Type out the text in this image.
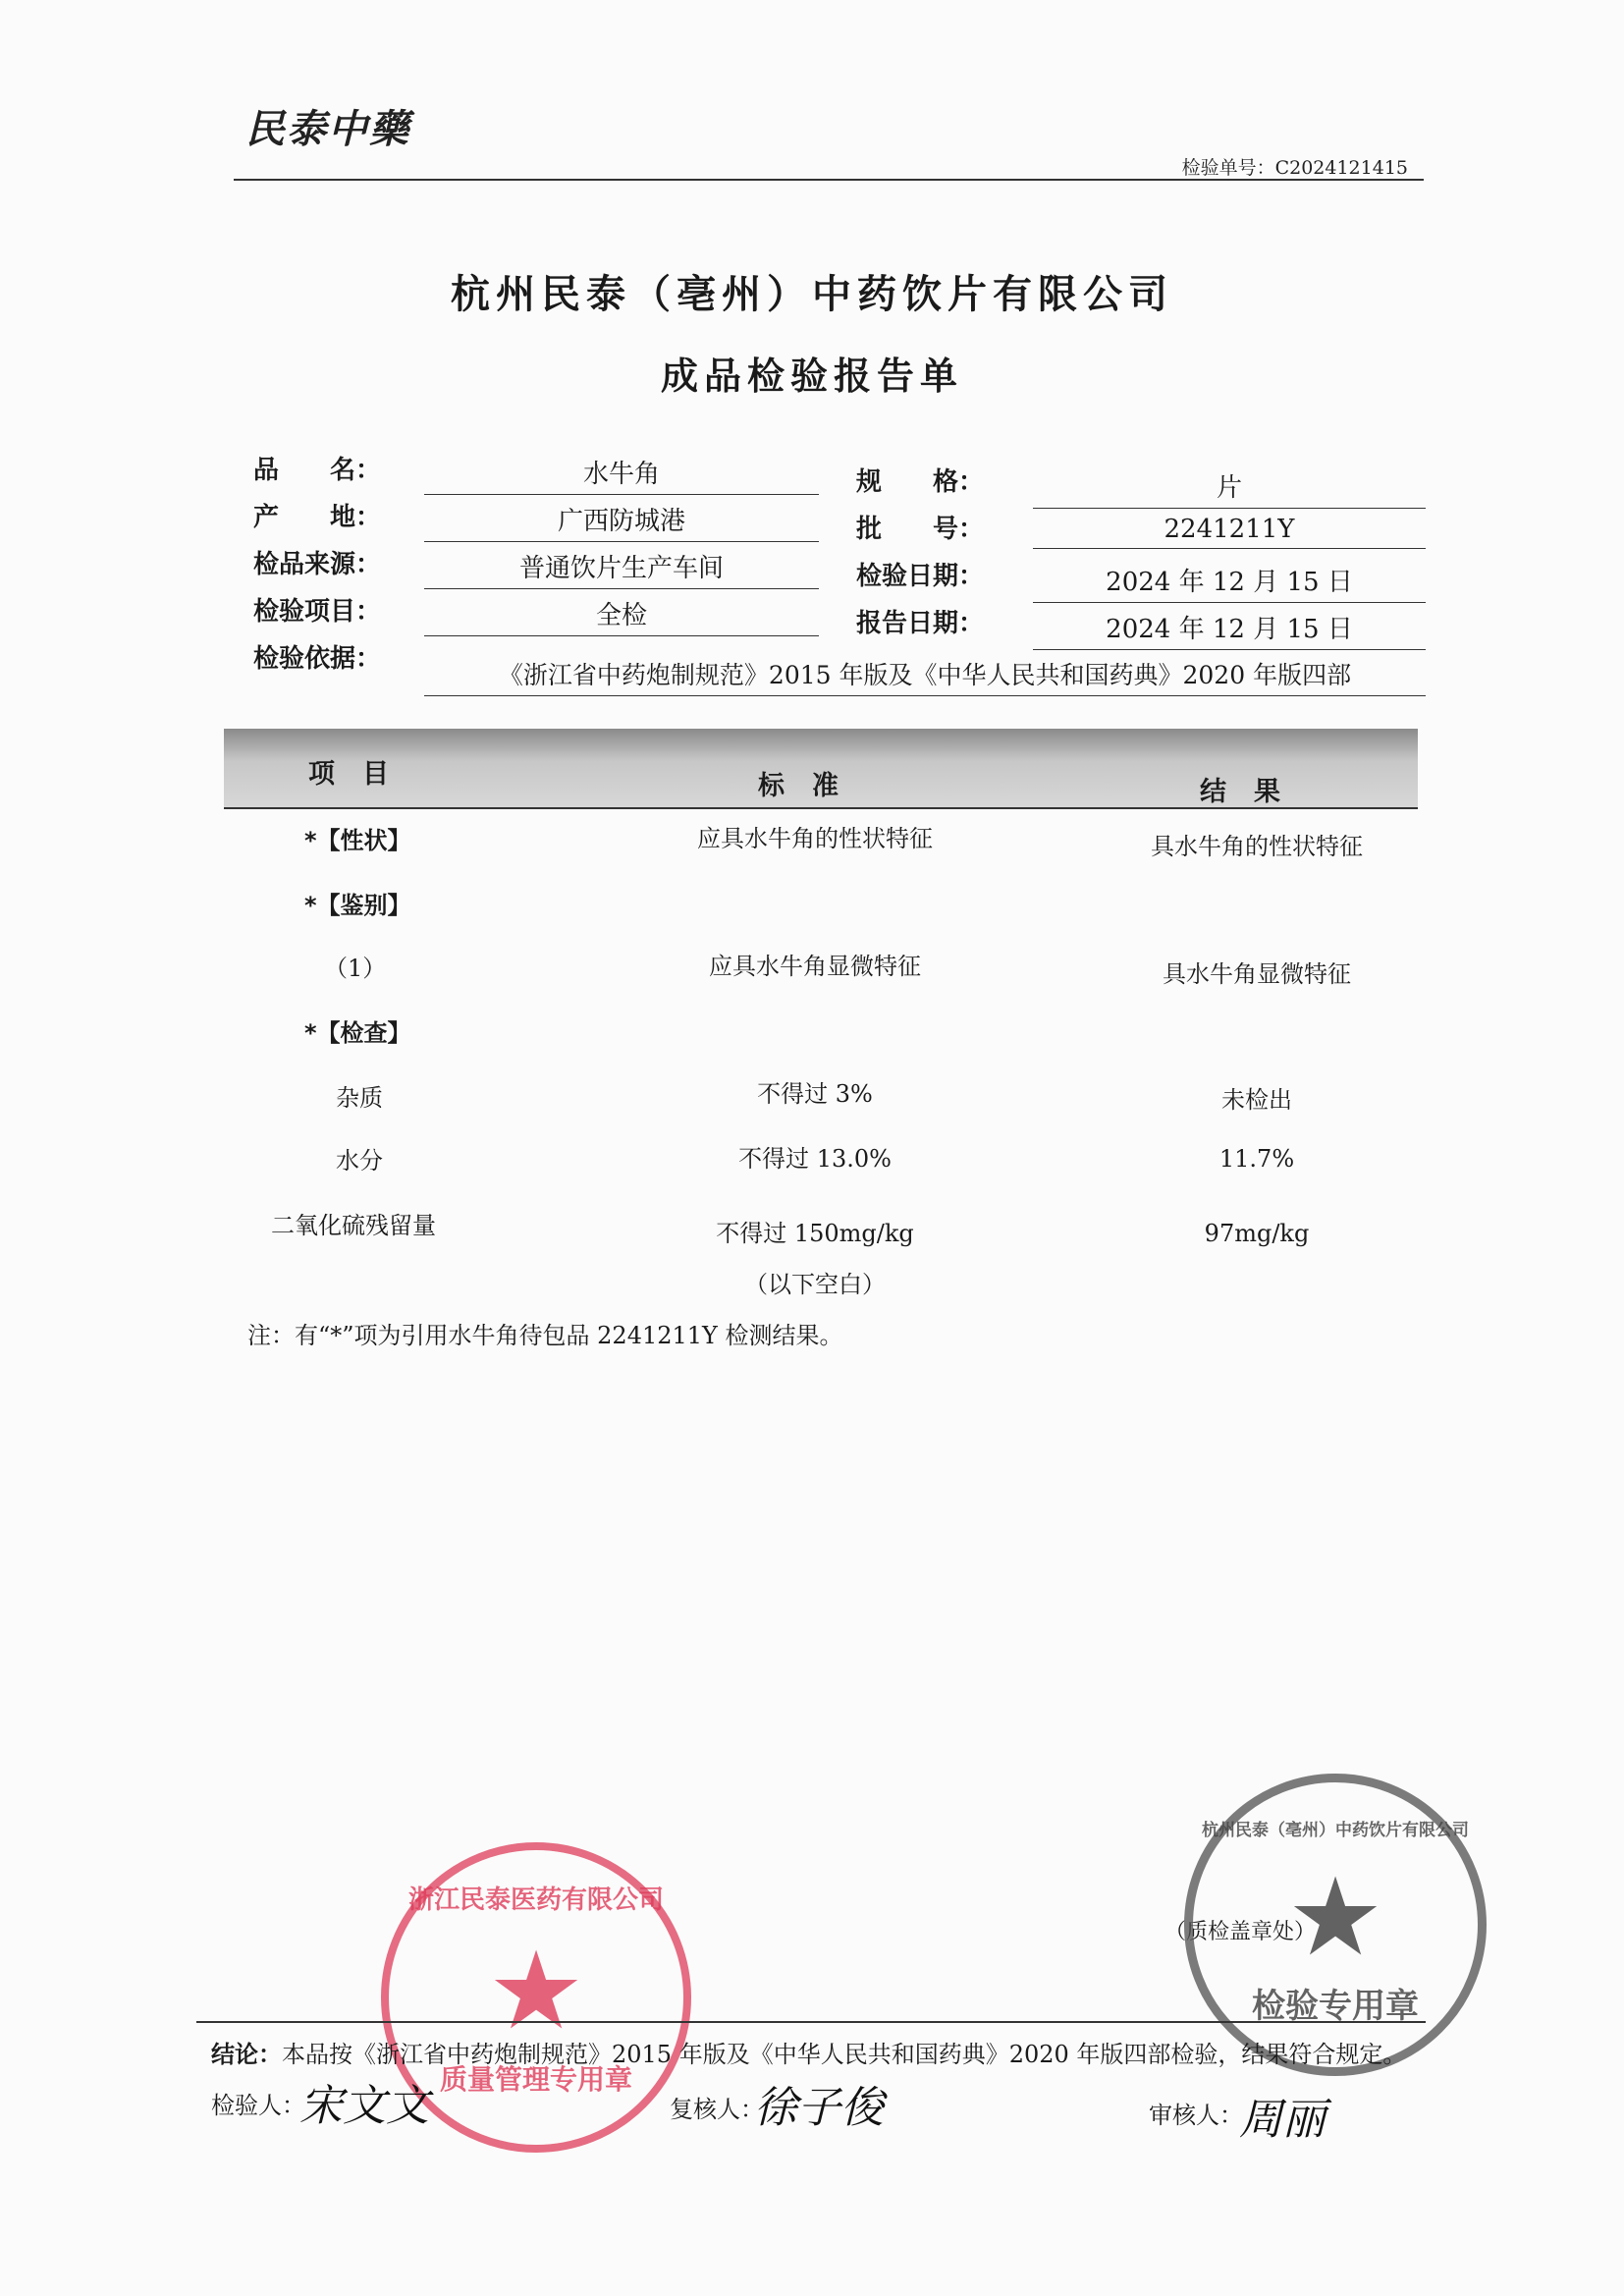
民泰中藥
检验单号：C2024121415
杭州民泰（亳州）中药饮片有限公司
成品检验报告单
品　　名：	水牛角	规　　格：	片
产　　地：	广西防城港	批　　号：	2241211Y
检品来源：	普通饮片生产车间	检验日期：	2024 年 12 月 15 日
检验项目：	全检	报告日期：	2024 年 12 月 15 日
检验依据：
《浙江省中药炮制规范》2015 年版及《中华人民共和国药典》2020 年版四部
项目	标准	结果
*【性状】	应具水牛角的性状特征	具水牛角的性状特征
*【鉴别】
（1）	应具水牛角显微特征	具水牛角显微特征
*【检查】
杂质	不得过 3%	未检出
水分	不得过 13.0%	11.7%
二氧化硫残留量	不得过 150mg/kg	97mg/kg
（以下空白）
注：有“*”项为引用水牛角待包品 2241211Y 检测结果。
（质检盖章处）
浙江民泰医药有限公司
★
质量管理专用章
杭州民泰（亳州）中药饮片有限公司
★
检验专用章
结论：本品按《浙江省中药炮制规范》2015 年版及《中华人民共和国药典》2020 年版四部检验，结果符合规定。
检验人：
宋文文	复核人：
徐子俊	审核人：
周丽
